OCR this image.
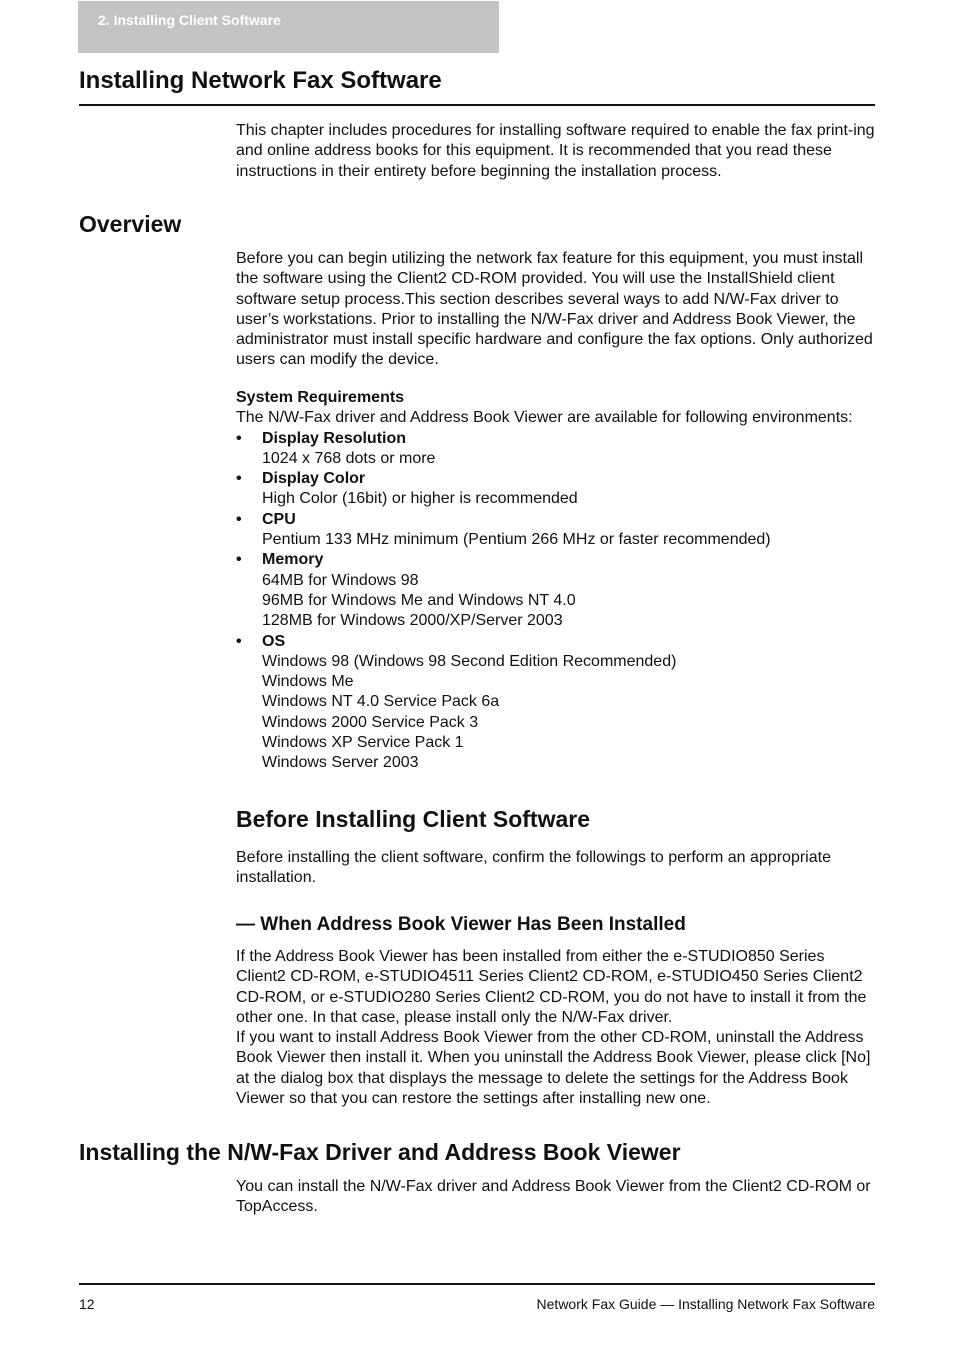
2. Installing Client Software
Installing Network Fax Software

This chapter includes procedures for installing software required to enable the fax print-ing and online address books for this equipment. It is recommended that you read these instructions in their entirety before beginning the installation process.

Overview

Before you can begin utilizing the network fax feature for this equipment, you must install the software using the Client2 CD-ROM provided. You will use the InstallShield client software setup process.This section describes several ways to add N/W-Fax driver to user’s workstations. Prior to installing the N/W-Fax driver and Address Book Viewer, the administrator must install specific hardware and configure the fax options. Only authorized users can modify the device.

System Requirements
The N/W-Fax driver and Address Book Viewer are available for following environments:
• Display Resolution
1024 x 768 dots or more
• Display Color
High Color (16bit) or higher is recommended
• CPU
Pentium 133 MHz minimum (Pentium 266 MHz or faster recommended)
• Memory
64MB for Windows 98
96MB for Windows Me and Windows NT 4.0
128MB for Windows 2000/XP/Server 2003
• OS
Windows 98 (Windows 98 Second Edition Recommended)
Windows Me
Windows NT 4.0 Service Pack 6a
Windows 2000 Service Pack 3
Windows XP Service Pack 1
Windows Server 2003
Before Installing Client Software

Before installing the client software, confirm the followings to perform an appropriate installation.

— When Address Book Viewer Has Been Installed

If the Address Book Viewer has been installed from either the e-STUDIO850 Series Client2 CD-ROM, e-STUDIO4511 Series Client2 CD-ROM, e-STUDIO450 Series Client2 CD-ROM, or e-STUDIO280 Series Client2 CD-ROM, you do not have to install it from the other one. In that case, please install only the N/W-Fax driver.

If you want to install Address Book Viewer from the other CD-ROM, uninstall the Address Book Viewer then install it. When you uninstall the Address Book Viewer, please click [No] at the dialog box that displays the message to delete the settings for the Address Book Viewer so that you can restore the settings after installing new one.

Installing the N/W-Fax Driver and Address Book Viewer

You can install the N/W-Fax driver and Address Book Viewer from the Client2 CD-ROM or TopAccess.

12	Network Fax Guide — Installing Network Fax Software
